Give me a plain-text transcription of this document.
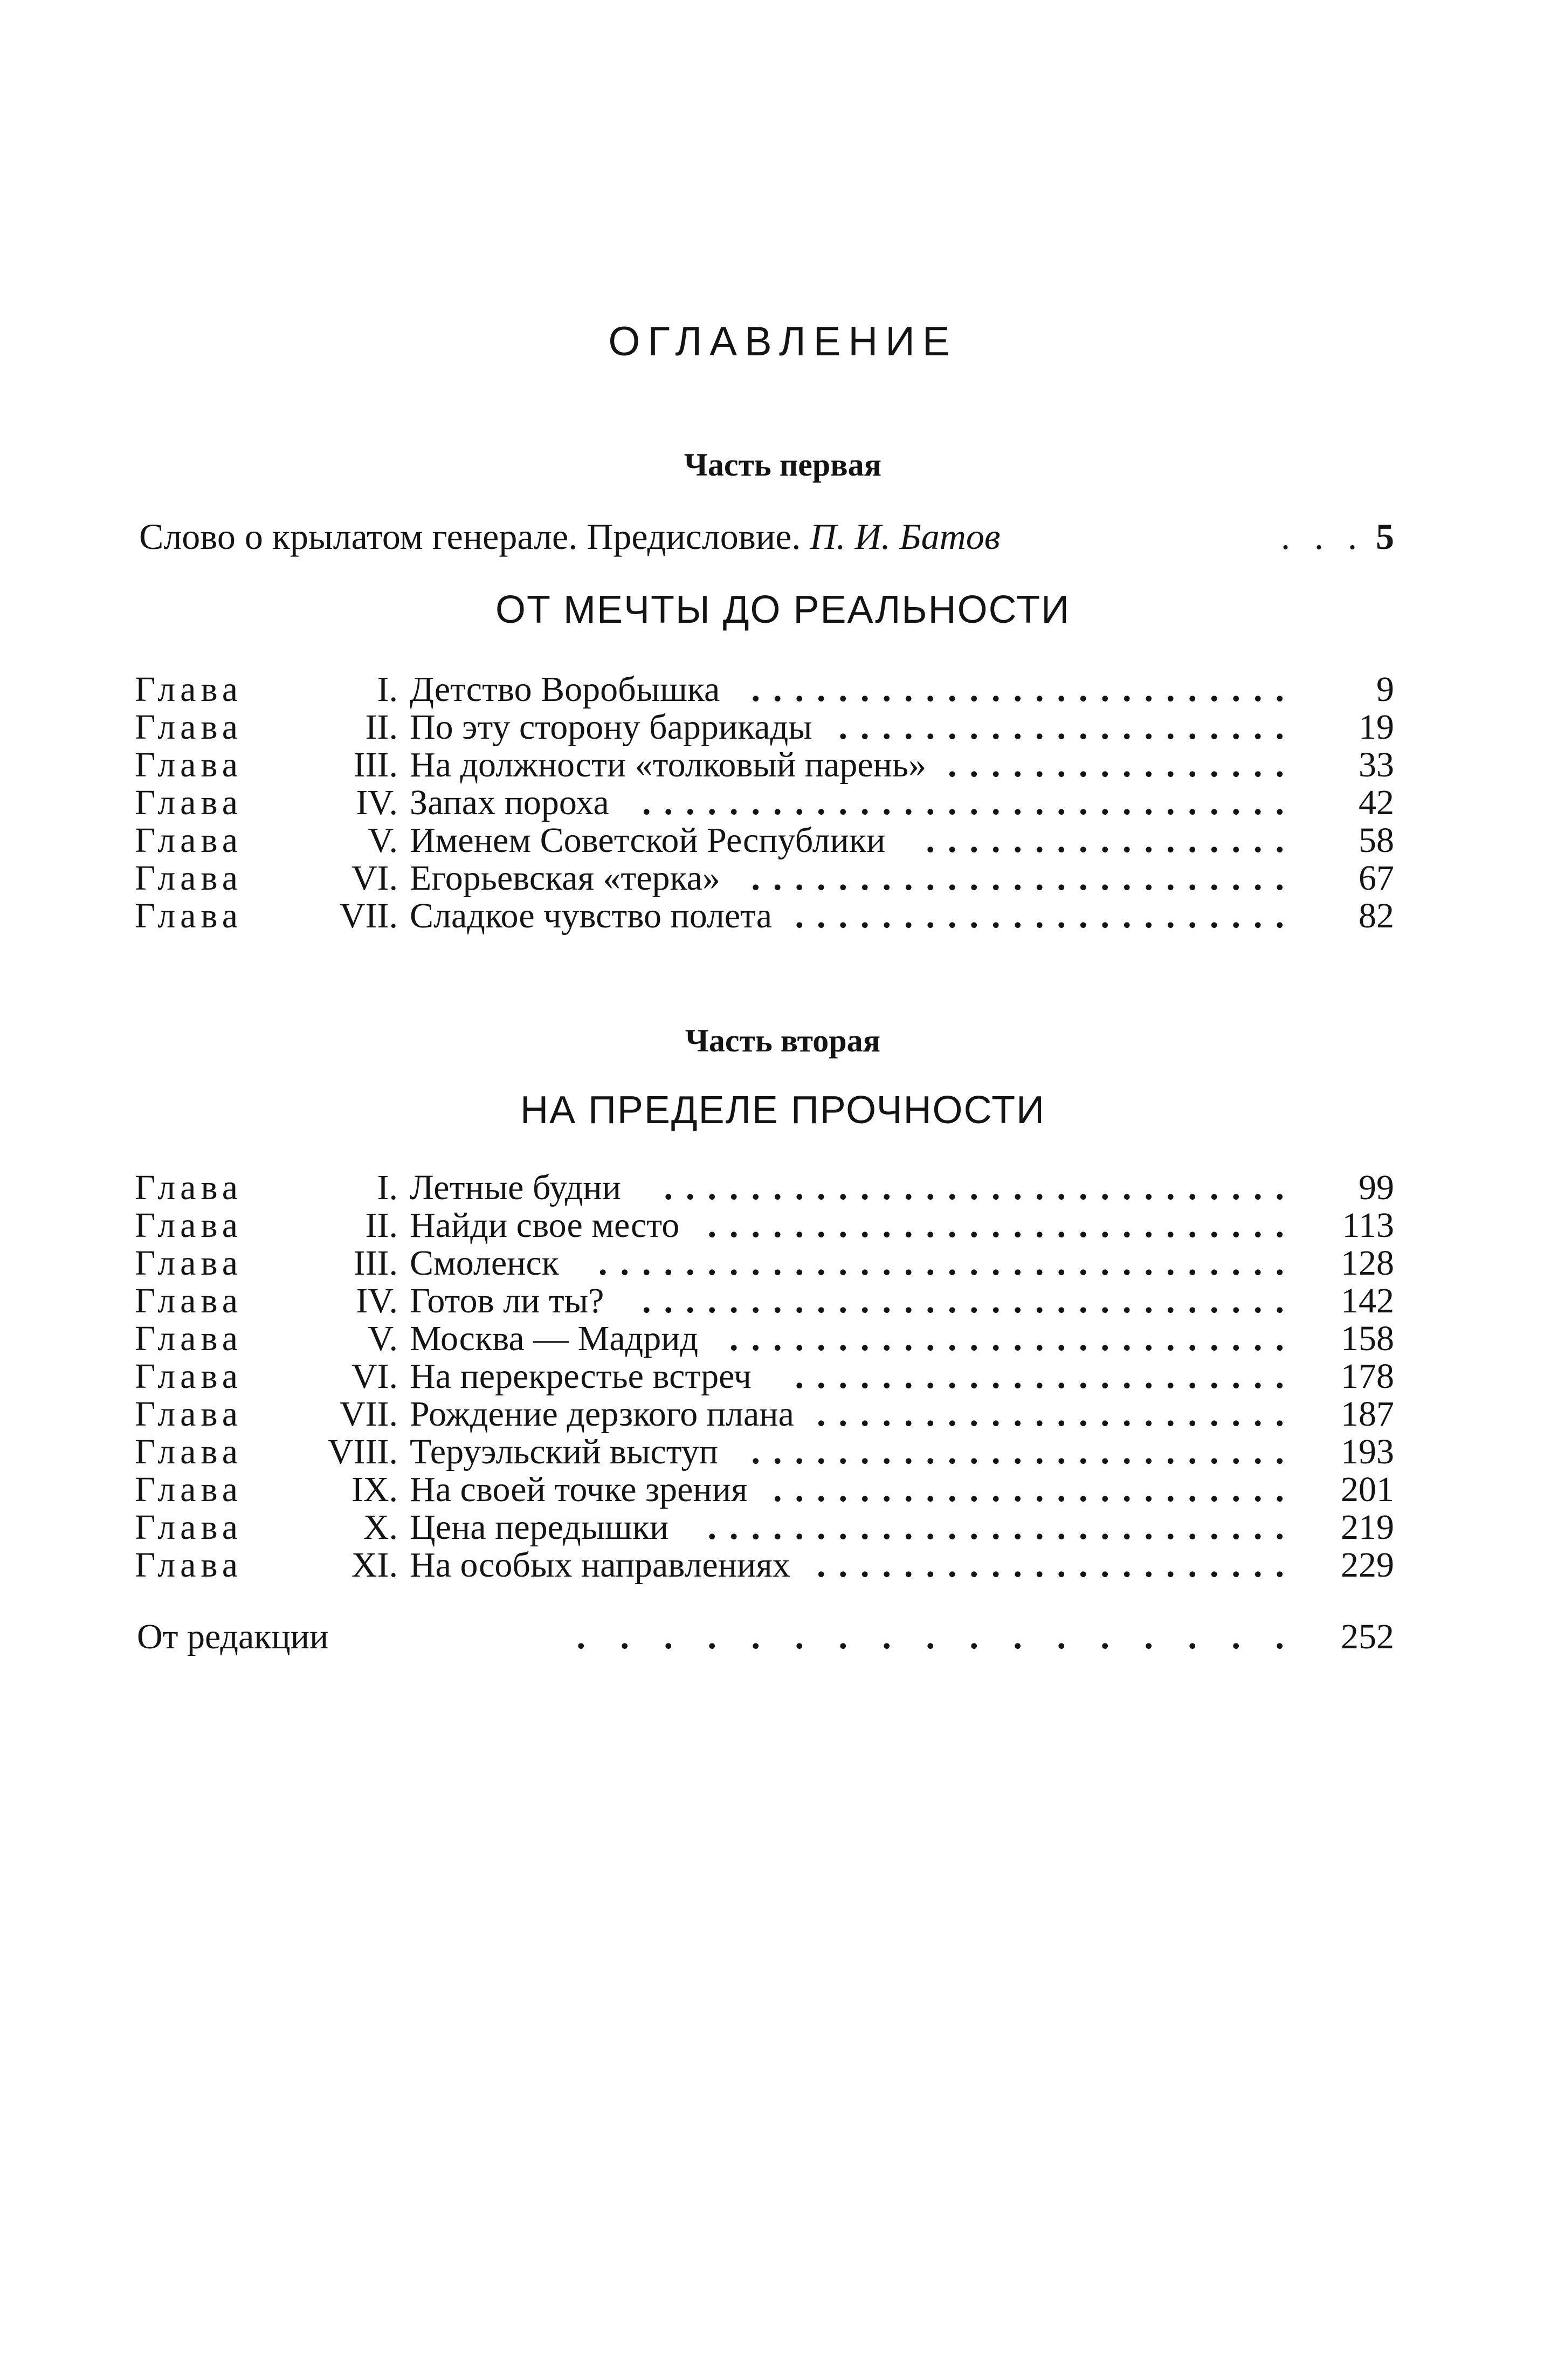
ОГЛАВЛЕНИЕ
Часть первая
Слово о крылатом генерале. Предисловие. П. И. Батов	. . . 5
ОТ МЕЧТЫ ДО РЕАЛЬНОСТИ
Глава	I. Детство Воробышка ......................... 9
Глава	II. По эту сторону баррикады ..................... 19
Глава	III. На должности «толковый парень» ................ 33
Глава	IV. Запах пороха .............................. 42
Глава	V. Именем Советской Республики ................. 58
Глава	VI. Егорьевская «терка» ......................... 67
Глава	VII. Сладкое чувство полета ....................... 82
Часть вторая
НА ПРЕДЕЛЕ ПРОЧНОСТИ
Глава	I. Летные будни ............................. 99
Глава	II. Найди свое место ........................... 113
Глава	III. Смоленск ................................ 128
Глава	IV. Готов ли ты? .............................. 142
Глава	V. Москва — Мадрид .......................... 158
Глава	VI. На перекрестье встреч ....................... 178
Глава	VII. Рождение дерзкого плана ...................... 187
Глава VIII. Теруэльский выступ ......................... 193
Глава	IX. На своей точке зрения ........................ 201
Глава	X. Цена передышки ........................... 219
Глава	XI. На особых направлениях ...................... 229
От редакции	. . . . . . . . . . . . . . . . . 252
